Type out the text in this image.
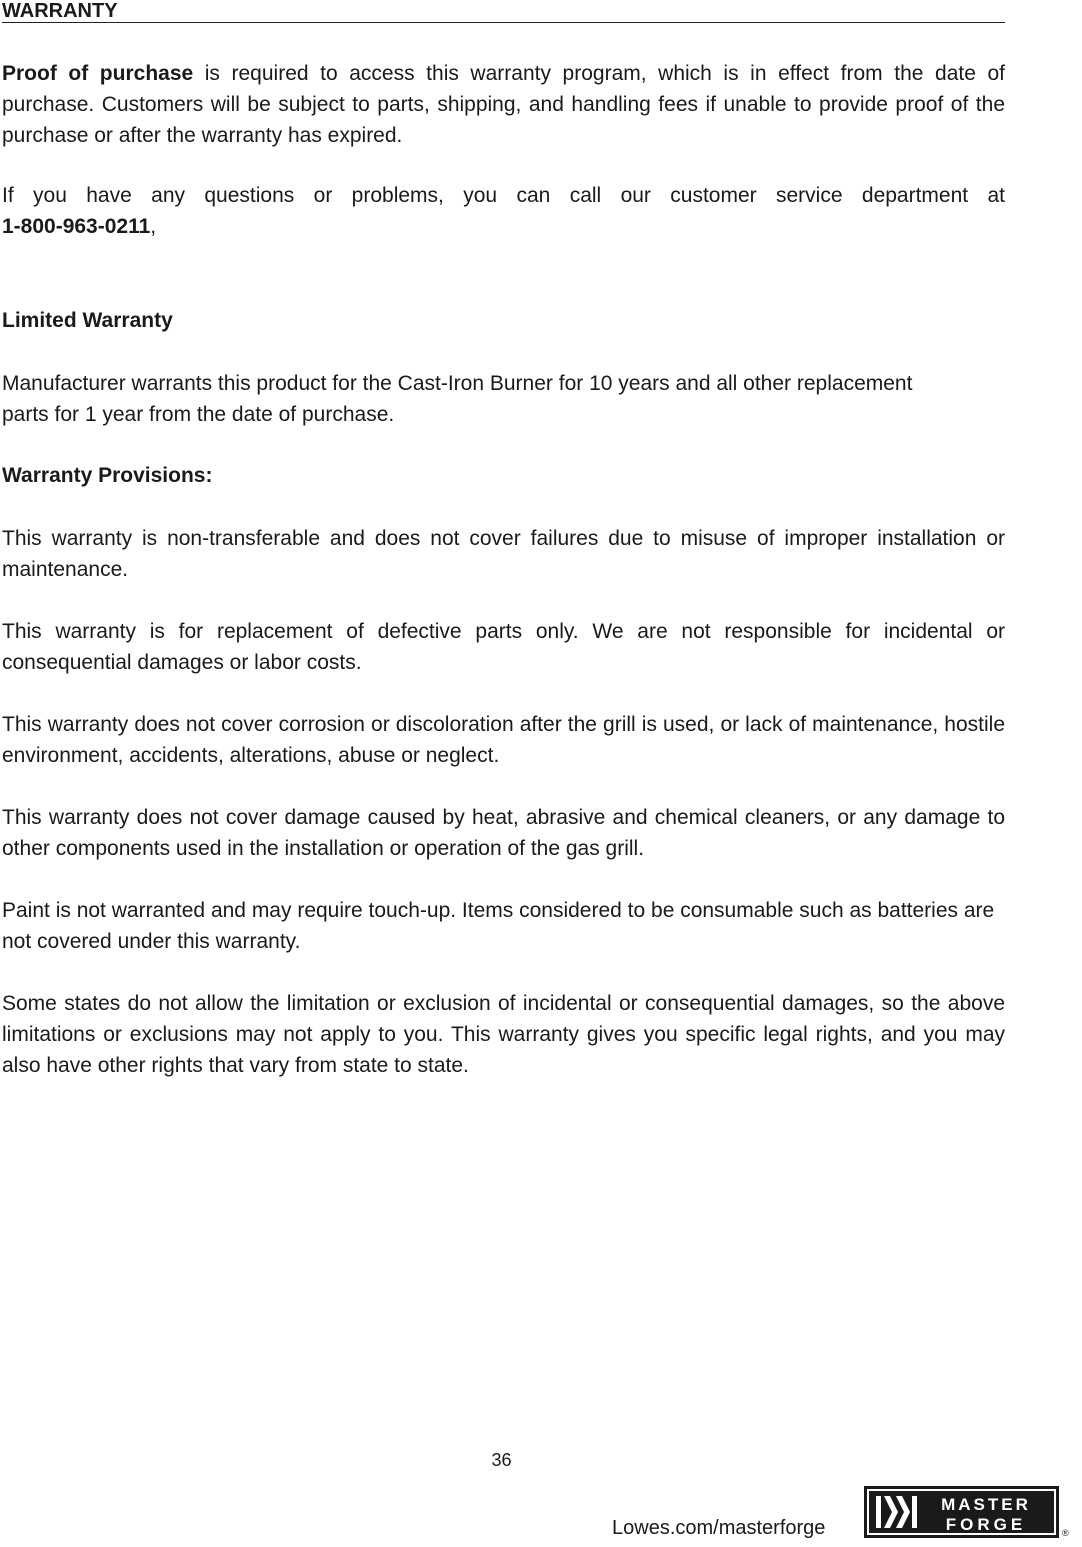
WARRANTY

Proof of purchase is required to access this warranty program, which is in effect from the date of purchase. Customers will be subject to parts, shipping, and handling fees if unable to provide proof of the purchase or after the warranty has expired.

If you have any questions or problems, you can call our customer service department at
1-800-963-0211,

Limited Warranty

Manufacturer warrants this product for the Cast-Iron Burner for 10 years and all other replacement parts for 1 year from the date of purchase.

Warranty Provisions:

This warranty is non-transferable and does not cover failures due to misuse of improper installation or maintenance.

This warranty is for replacement of defective parts only. We are not responsible for incidental or consequential damages or labor costs.

This warranty does not cover corrosion or discoloration after the grill is used, or lack of maintenance, hostile environment, accidents, alterations, abuse or neglect.

This warranty does not cover damage caused by heat, abrasive and chemical cleaners, or any damage to other components used in the installation or operation of the gas grill.

Paint is not warranted and may require touch-up. Items considered to be consumable such as batteries are not covered under this warranty.

Some states do not allow the limitation or exclusion of incidental or consequential damages, so the above limitations or exclusions may not apply to you. This warranty gives you specific legal rights, and you may also have other rights that vary from state to state.

36
Lowes.com/masterforge
MASTER
FORGE	®
